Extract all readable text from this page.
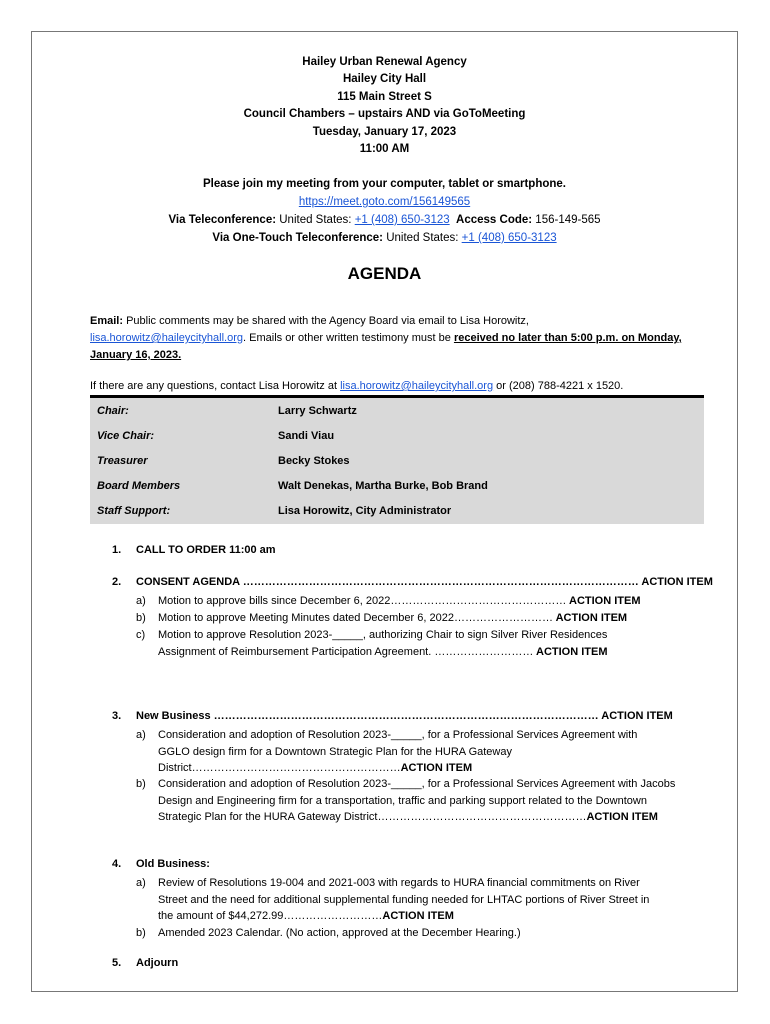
Hailey Urban Renewal Agency
Hailey City Hall
115 Main Street S
Council Chambers – upstairs AND via GoToMeeting
Tuesday, January 17, 2023
11:00 AM
Please join my meeting from your computer, tablet or smartphone.
https://meet.goto.com/156149565
Via Teleconference: United States: +1 (408) 650-3123 Access Code: 156-149-565
Via One-Touch Teleconference: United States: +1 (408) 650-3123
AGENDA
Email: Public comments may be shared with the Agency Board via email to Lisa Horowitz,
lisa.horowitz@haileycityhall.org. Emails or other written testimony must be received no later than 5:00 p.m. on Monday, January 16, 2023.
If there are any questions, contact Lisa Horowitz at lisa.horowitz@haileycityhall.org or (208) 788-4221 x 1520.
Chair:	Larry Schwartz
Vice Chair:	Sandi Viau
Treasurer	Becky Stokes
Board Members	Walt Denekas, Martha Burke, Bob Brand
Staff Support:	Lisa Horowitz, City Administrator
1. CALL TO ORDER 11:00 am
2. CONSENT AGENDA ……………………………………………………………………………………………… ACTION ITEM
a) Motion to approve bills since December 6, 2022………………………………………… ACTION ITEM
b) Motion to approve Meeting Minutes dated December 6, 2022……………………… ACTION ITEM
c) Motion to approve Resolution 2023-_____, authorizing Chair to sign Silver River Residences Assignment of Reimbursement Participation Agreement. ……………………… ACTION ITEM
3. New Business …………………………………………………………………………………………… ACTION ITEM
a) Consideration and adoption of Resolution 2023-_____, for a Professional Services Agreement with GGLO design firm for a Downtown Strategic Plan for the HURA Gateway District…………………………………………………ACTION ITEM
b) Consideration and adoption of Resolution 2023-_____, for a Professional Services Agreement with Jacobs Design and Engineering firm for a transportation, traffic and parking support related to the Downtown Strategic Plan for the HURA Gateway District…………………………………………………ACTION ITEM
4. Old Business:
a) Review of Resolutions 19-004 and 2021-003 with regards to HURA financial commitments on River Street and the need for additional supplemental funding needed for LHTAC portions of River Street in the amount of $44,272.99………………………ACTION ITEM
b) Amended 2023 Calendar. (No action, approved at the December Hearing.)
5. Adjourn
